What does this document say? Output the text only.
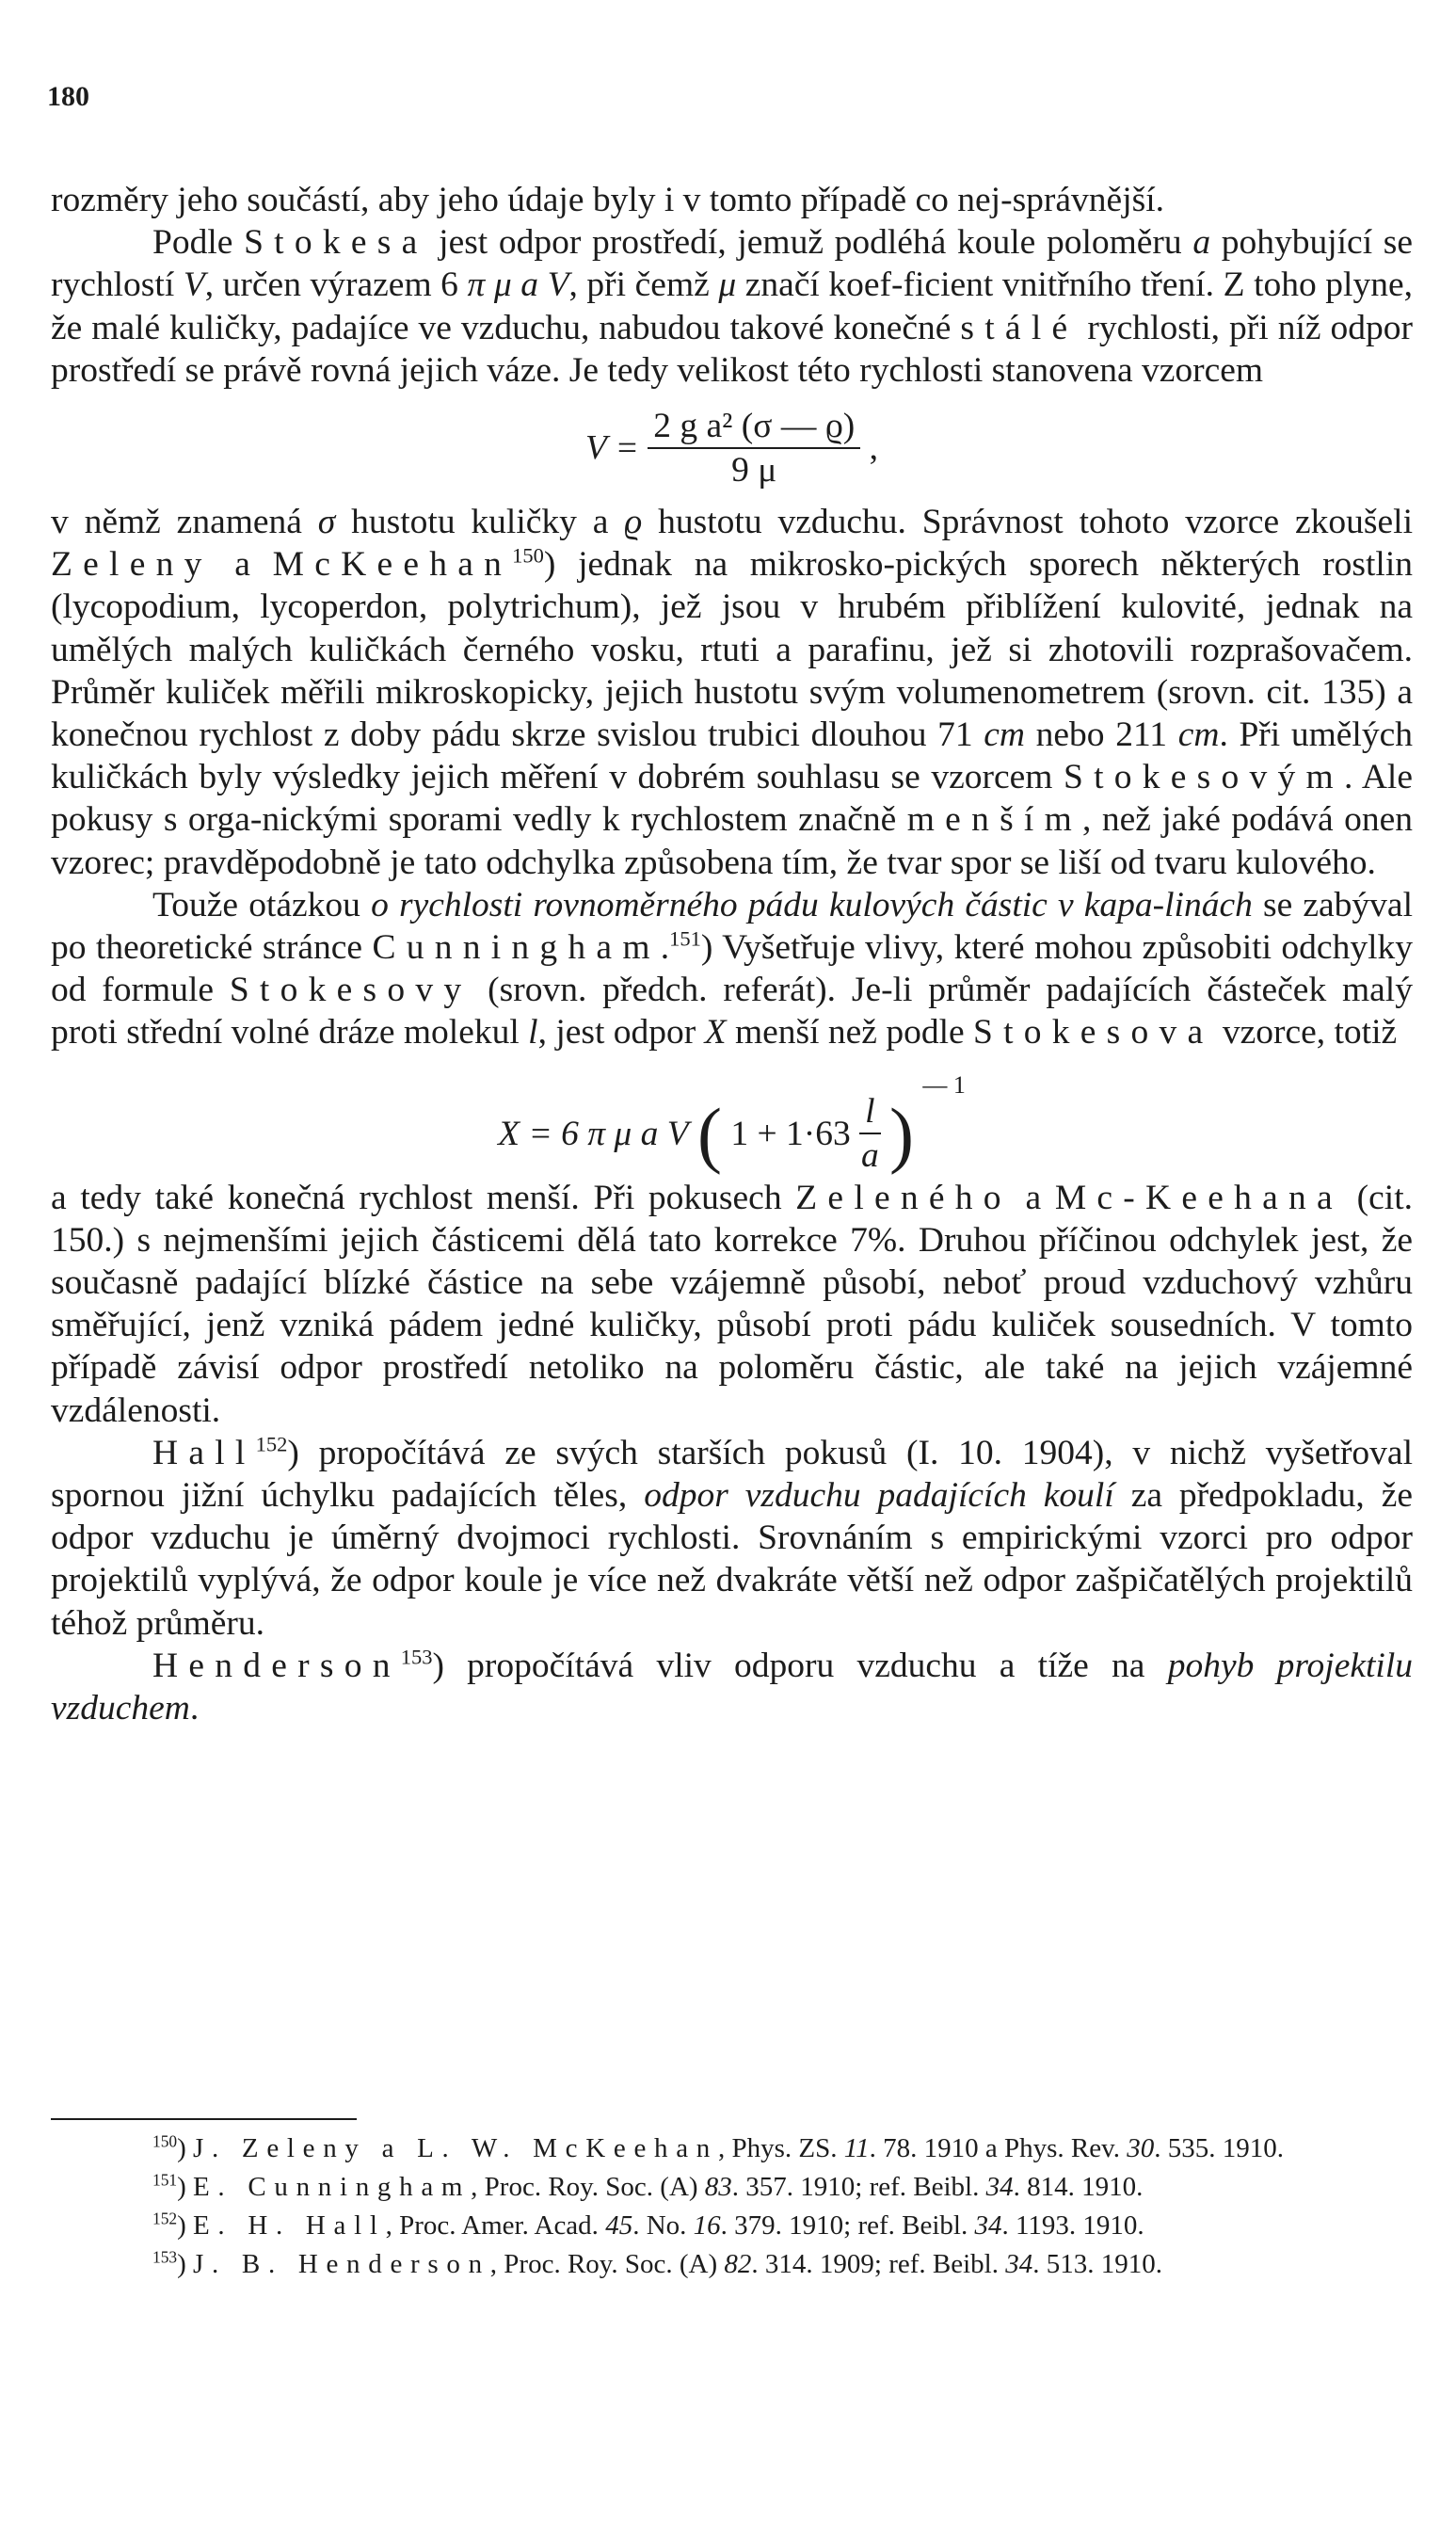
180

rozměry jeho součástí, aby jeho údaje byly i v tomto případě co nej-správnější.

Podle Stokesa jest odpor prostředí, jemuž podléhá koule poloměru a pohybující se rychlostí V, určen výrazem 6 π μ a V, při čemž μ značí koef-ficient vnitřního tření. Z toho plyne, že malé kuličky, padajíce ve vzduchu, nabudou takové konečné stálé rychlosti, při níž odpor prostředí se právě rovná jejich váze. Je tedy velikost této rychlosti stanovena vzorcem

$V = \frac{\text{2 g a² (σ — ϱ)}}{9 \mu}$ ,

v němž znamená σ hustotu kuličky a ϱ hustotu vzduchu. Správnost tohoto vzorce zkoušeli Zeleny a McKeehan$^{150}$) jednak na mikrosko-pických sporech některých rostlin (lycopodium, lycoperdon, polytrichum), jež jsou v hrubém přiblížení kulovité, jednak na umělých malých kuličkách černého vosku, rtuti a parafinu, jež si zhotovili rozprašovačem. Průměr kuliček měřili mikroskopicky, jejich hustotu svým volumenometrem (srovn. cit. 135) a konečnou rychlost z doby pádu skrze svislou trubici dlouhou 71 cm nebo 211 cm. Při umělých kuličkách byly výsledky jejich měření v dobrém souhlasu se vzorcem Stokesovým. Ale pokusy s orga-nickými sporami vedly k rychlostem značně menším, než jaké podává onen vzorec; pravděpodobně je tato odchylka způsobena tím, že tvar spor se liší od tvaru kulového.

Touže otázkou o rychlosti rovnoměrného pádu kulových částic v kapa-linách se zabýval po theoretické stránce Cunningham.$^{151}$) Vyšetřuje vlivy, které mohou způsobiti odchylky od formule Stokesovy (srovn. předch. referát). Je-li průměr padajících částeček malý proti střední volné dráze molekul l, jest odpor X menší než podle Stokesova vzorce, totiž

X = 6 π μ a V ( $1 + 1\cdot 63 \frac{l}{a}$ ) $^{— 1}$

a tedy také konečná rychlost menší. Při pokusech Zeleného a Mc-Keehana (cit. 150.) s nejmenšími jejich částicemi dělá tato korrekce 7%. Druhou příčinou odchylek jest, že současně padající blízké částice na sebe vzájemně působí, neboť proud vzduchový vzhůru směřující, jenž vzniká pádem jedné kuličky, působí proti pádu kuliček sousedních. V tomto případě závisí odpor prostředí netoliko na poloměru částic, ale také na jejich vzájemné vzdálenosti.

Hall$^{152}$) propočítává ze svých starších pokusů (I. 10. 1904), v nichž vyšetřoval spornou jižní úchylku padajících těles, odpor vzduchu padajících koulí za předpokladu, že odpor vzduchu je úměrný dvojmoci rychlosti. Srovnáním s empirickými vzorci pro odpor projektilů vyplývá, že odpor koule je více než dvakráte větší než odpor zašpičatělých projektilů téhož průměru.

Henderson$^{153}$) propočítává vliv odporu vzduchu a tíže na pohyb projektilu vzduchem.

$^{150}$) J. Zeleny a L. W. McKeehan, Phys. ZS. 11. 78. 1910 a Phys. Rev. 30. 535. 1910.

$^{151}$) E. Cunningham, Proc. Roy. Soc. (A) 83. 357. 1910; ref. Beibl. 34. 814. 1910.

$^{152}$) E. H. Hall, Proc. Amer. Acad. 45. No. 16. 379. 1910; ref. Beibl. 34. 1193. 1910.

$^{153}$) J. B. Henderson, Proc. Roy. Soc. (A) 82. 314. 1909; ref. Beibl. 34. 513. 1910.
